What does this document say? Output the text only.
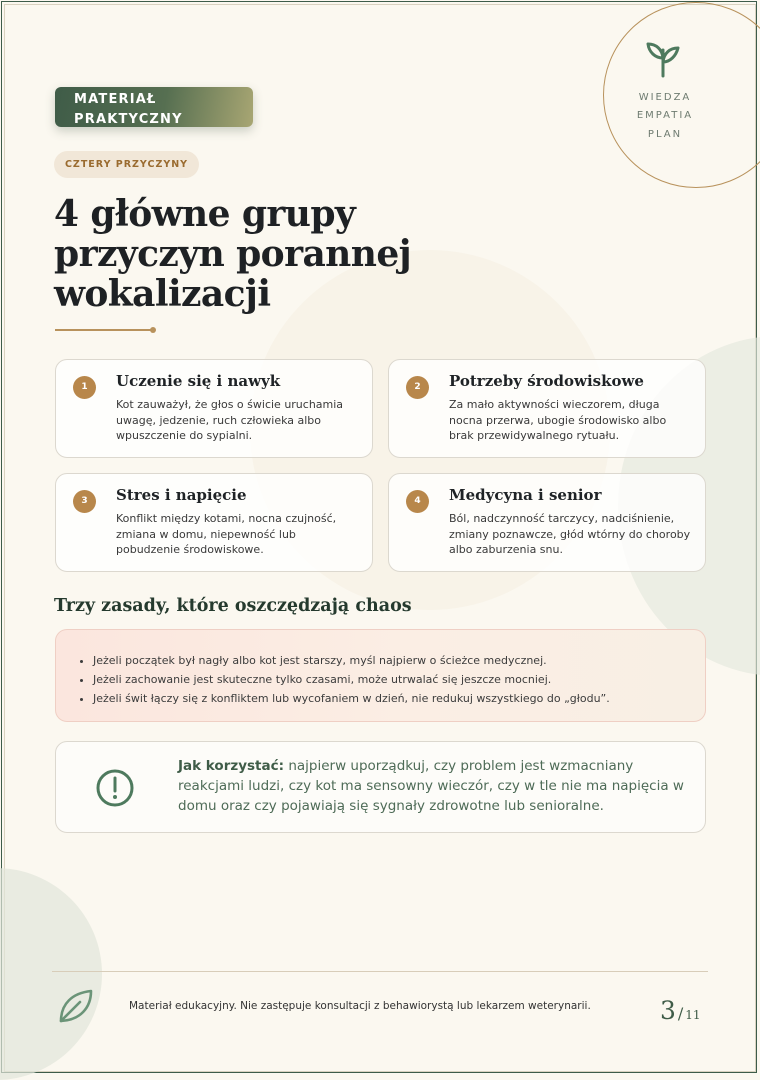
WIEDZA
EMPATIA
PLAN
MATERIAŁ PRAKTYCZNY
CZTERY PRZYCZYNY
4 główne grupy przyczyn porannej wokalizacji
1	Uczenie się i nawyk

Kot zauważył, że głos o świcie uruchamia uwagę, jedzenie, ruch człowieka albo wpuszczenie do sypialni.

2	Potrzeby środowiskowe

Za mało aktywności wieczorem, długa nocna przerwa, ubogie środowisko albo brak przewidywalnego rytuału.

3	Stres i napięcie

Konflikt między kotami, nocna czujność, zmiana w domu, niepewność lub pobudzenie środowiskowe.

4	Medycyna i senior

Ból, nadczynność tarczycy, nadciśnienie, zmiany poznawcze, głód wtórny do choroby albo zaburzenia snu.

Trzy zasady, które oszczędzają chaos
• Jeżeli początek był nagły albo kot jest starszy, myśl najpierw o ścieżce medycznej.
• Jeżeli zachowanie jest skuteczne tylko czasami, może utrwalać się jeszcze mocniej.
• Jeżeli świt łączy się z konfliktem lub wycofaniem w dzień, nie redukuj wszystkiego do „głodu”.

Jak korzystać: najpierw uporządkuj, czy problem jest wzmacniany reakcjami ludzi, czy kot ma sensowny wieczór, czy w tle nie ma napięcia w domu oraz czy pojawiają się sygnały zdrowotne lub senioralne.

Materiał edukacyjny. Nie zastępuje konsultacji z behawiorystą lub lekarzem weterynarii.	3 / 11
